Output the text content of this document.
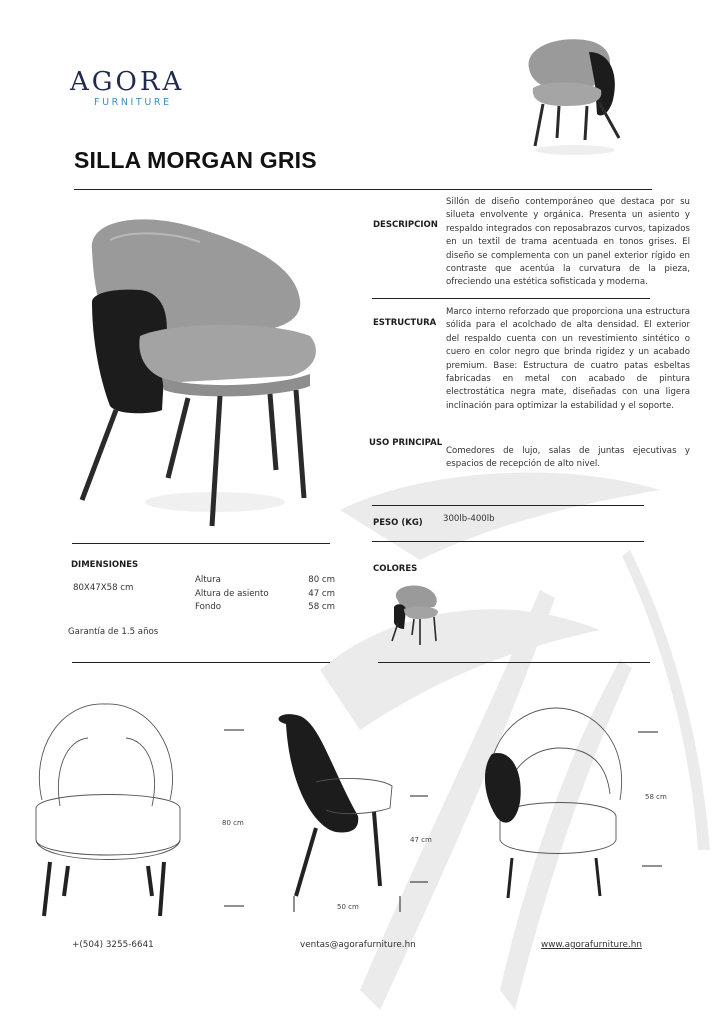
AGORA
FURNITURE
SILLA MORGAN GRIS
DESCRIPCION
Sillón de diseño contemporáneo que destaca por su silueta envolvente y orgánica. Presenta un asiento y respaldo integrados con reposabrazos curvos, tapizados en un textil de trama acentuada en tonos grises. El diseño se complementa con un panel exterior rígido en contraste que acentúa la curvatura de la pieza, ofreciendo una estética sofisticada y moderna.
ESTRUCTURA
Marco interno reforzado que proporciona una estructura sólida para el acolchado de alta densidad. El exterior del respaldo cuenta con un revestimiento sintético o cuero en color negro que brinda rigidez y un acabado premium. Base: Estructura de cuatro patas esbeltas fabricadas en metal con acabado de pintura electrostática negra mate, diseñadas con una ligera inclinación para optimizar la estabilidad y el soporte.
USO PRINCIPAL
Comedores de lujo, salas de juntas ejecutivas y espacios de recepción de alto nivel.
PESO (KG) 300lb-400lb
COLORES
DIMENSIONES
80X47X58 cm
Altura	80 cm
Altura de asiento	47 cm
Fondo	58 cm
Garantía de 1.5 años
80 cm
47 cm
50 cm
58 cm
+(504) 3255-6641	ventas@agorafurniture.hn	www.agorafurniture.hn
